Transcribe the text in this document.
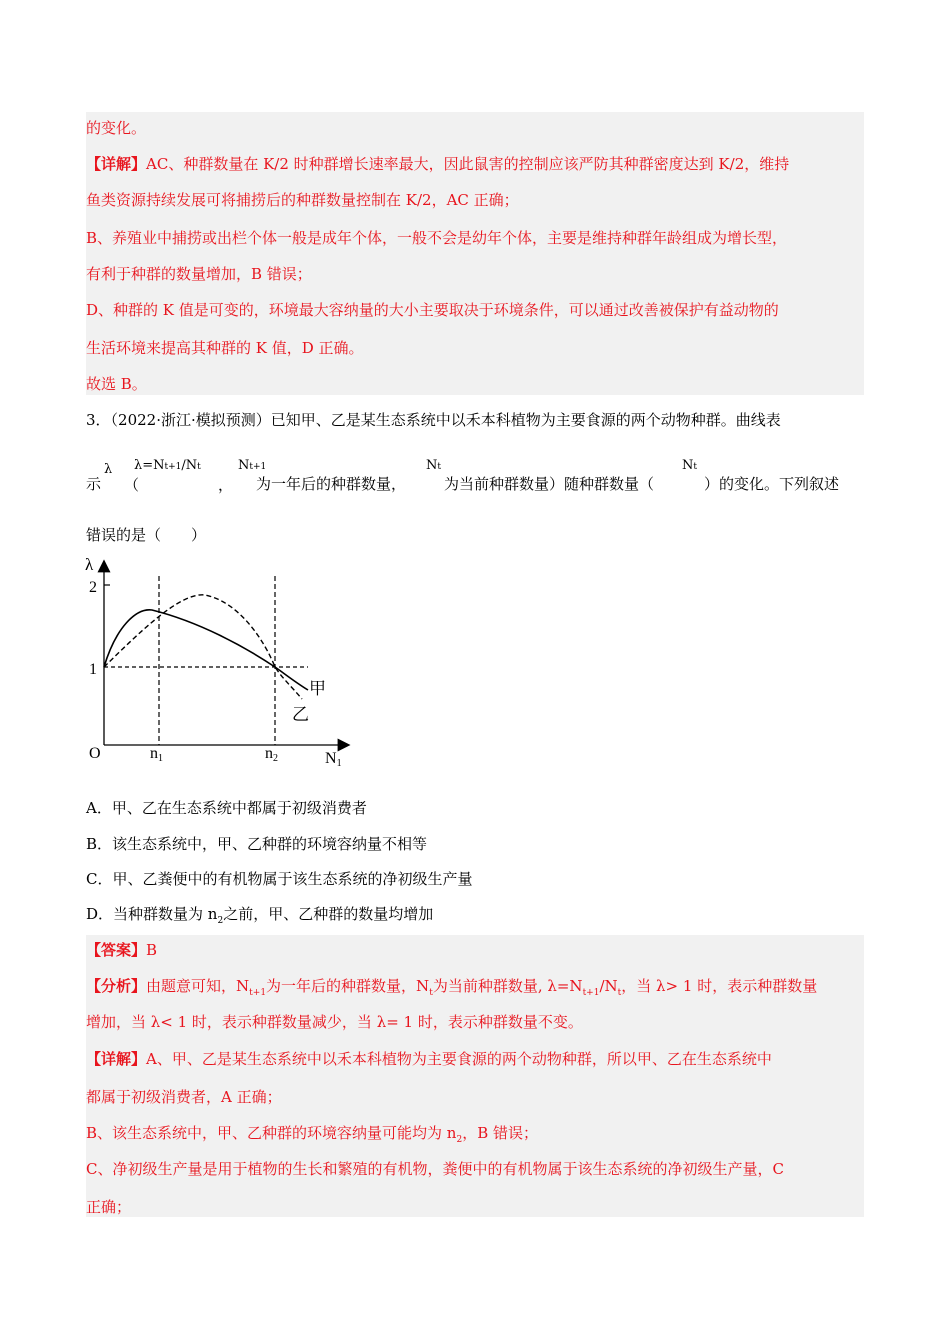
的变化。
【详解】AC、种群数量在 K/2 时种群增长速率最大，因此鼠害的控制应该严防其种群密度达到 K/2，维持
鱼类资源持续发展可将捕捞后的种群数量控制在 K/2，AC 正确；
B、养殖业中捕捞或出栏个体一般是成年个体，一般不会是幼年个体，主要是维持种群年龄组成为增长型，
有利于种群的数量增加，B 错误；
D、种群的 K 值是可变的，环境最大容纳量的大小主要取决于环境条件，可以通过改善被保护有益动物的
生活环境来提高其种群的 K 值，D 正确。
故选 B。
3．（2022·浙江·模拟预测）已知甲、乙是某生态系统中以禾本科植物为主要食源的两个动物种群。曲线表
示
λ
（
λ=Nt+1/Nt
，
Nt+1
为一年后的种群数量，
Nt
为当前种群数量）随种群数量（
Nt
）的变化。下列叙述
错误的是（　　）
λ
2
1
O	n1	n2	N1
甲
乙
A．甲、乙在生态系统中都属于初级消费者
B．该生态系统中，甲、乙种群的环境容纳量不相等
C．甲、乙粪便中的有机物属于该生态系统的净初级生产量
D．当种群数量为 $n_2$之前，甲、乙种群的数量均增加
【答案】B
【分析】由题意可知，$N_{t+1}$为一年后的种群数量，$N_t$为当前种群数量, $\lambda=N_{t+1}/N_t$，当 λ> 1 时，表示种群数量
增加，当 λ< 1 时，表示种群数量减少，当 λ= 1 时，表示种群数量不变。
【详解】A、甲、乙是某生态系统中以禾本科植物为主要食源的两个动物种群，所以甲、乙在生态系统中
都属于初级消费者，A 正确；
B、该生态系统中，甲、乙种群的环境容纳量可能均为 $n_2$，B 错误；
C、净初级生产量是用于植物的生长和繁殖的有机物，粪便中的有机物属于该生态系统的净初级生产量，C
正确；
